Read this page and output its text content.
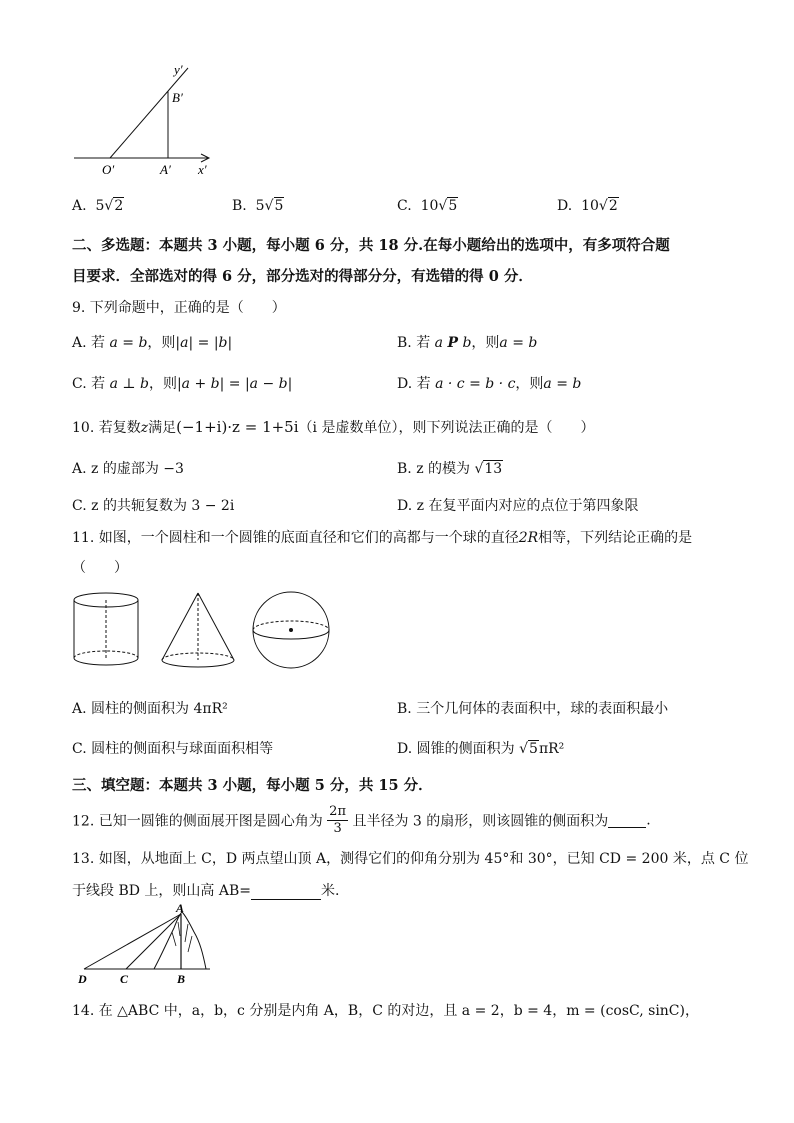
y′
B′
O′	A′ x′
A. 5√2	B. 5√5	C. 10√5	D. 10√2
二、多选题：本题共 3 小题，每小题 6 分，共 18 分.在每小题给出的选项中，有多项符合题
目要求．全部选对的得 6 分，部分选对的得部分分，有选错的得 0 分．
9. 下列命题中，正确的是（　　）
A. 若 a = b，则|a| = |b|	B. 若 a P b，则a = b
C. 若 a ⊥ b，则|a + b| = |a − b|	D. 若 a · c = b · c，则a = b
10. 若复数z满足(−1+i)·z = 1+5i（i 是虚数单位），则下列说法正确的是（　　）
A. z 的虚部为 −3	B. z 的模为 √13
C. z 的共轭复数为 3 − 2i	D. z 在复平面内对应的点位于第四象限
11. 如图，一个圆柱和一个圆锥的底面直径和它们的高都与一个球的直径2R相等，下列结论正确的是
（　　）
A. 圆柱的侧面积为 4πR²	B. 三个几何体的表面积中，球的表面积最小
C. 圆柱的侧面积与球面面积相等	D. 圆锥的侧面积为 √5πR²
三、填空题：本题共 3 小题，每小题 5 分，共 15 分．
12. 已知一圆锥的侧面展开图是圆心角为 $\frac{2\pi}{3}$ 且半径为 3 的扇形，则该圆锥的侧面积为	.
13. 如图，从地面上 C，D 两点望山顶 A，测得它们的仰角分别为 45°和 30°，已知 CD = 200 米，点 C 位
于线段 BD 上，则山高 AB=	米.
A
D	C	B
14. 在 △ABC 中，a，b，c 分别是内角 A，B，C 的对边，且 a = 2，b = 4，m = (cosC, sinC)，
